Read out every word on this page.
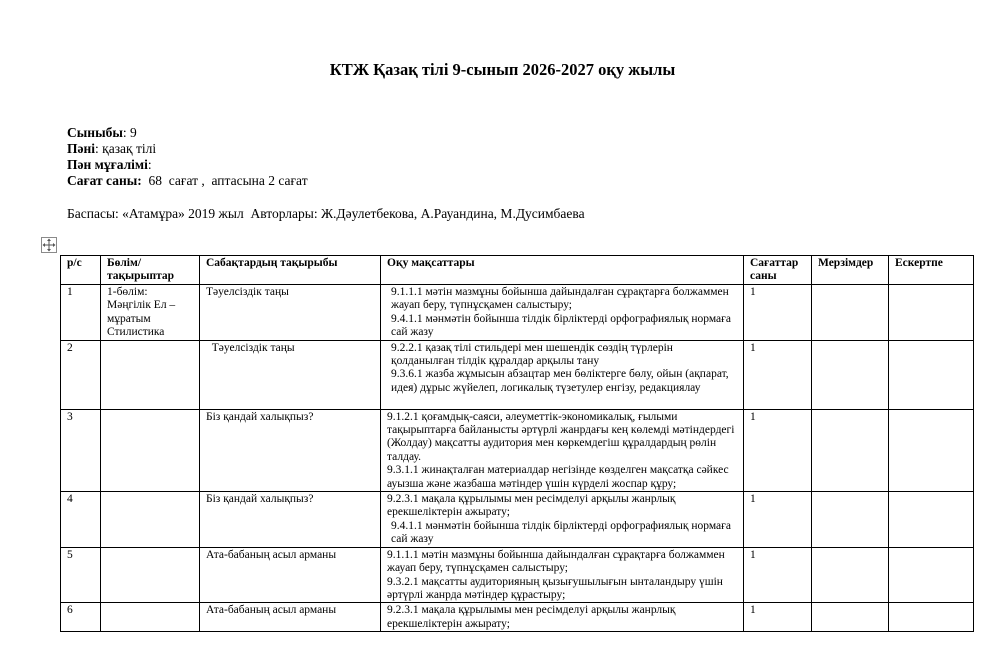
КТЖ Қазақ тілі 9-сынып 2026-2027 оқу жылы
Сыныбы: 9
Пәні: қазақ тілі
Пән мұғалімі:
Сағат саны:  68  сағат ,  аптасына 2 сағат
Баспасы: «Атамұра» 2019 жыл  Авторлары: Ж.Дәулетбекова, А.Рауандина, М.Дусимбаева
р/с	Бөлім/ тақырыптар	Сабақтардың тақырыбы	Оқу мақсаттары	Сағаттар саны	Мерзімдер	Ескертпе
1	1-бөлім: Мәңгілік Ел – мұратым Стилистика	Тәуелсіздік таңы	9.1.1.1 мәтін мазмұны бойынша дайындалған сұрақтарға болжаммен жауап беру, түпнұсқамен салыстыру;
9.4.1.1 мәнмәтін бойынша тілдік бірліктерді орфографиялық нормаға сай жазу	1		
2		Тәуелсіздік таңы	9.2.2.1 қазақ тілі стильдері мен шешендік сөздің түрлерін қолданылған тілдік құралдар арқылы тану
9.3.6.1 жазба жұмысын абзацтар мен бөліктерге бөлу, ойын (ақпарат, идея) дұрыс жүйелеп, логикалық түзетулер енгізу, редакциялау	1		
3		Біз қандай халықпыз?	9.1.2.1 қоғамдық-саяси, әлеуметтік-экономикалық, ғылыми тақырыптарға байланысты әртүрлі жанрдағы кең көлемді мәтіндердегі (Жолдау) мақсатты аудитория мен көркемдегіш құралдардың рөлін талдау.
9.3.1.1 жинақталған материалдар негізінде көзделген мақсатқа сәйкес ауызша және жазбаша мәтіндер үшін күрделі жоспар құру;	1		
4		Біз қандай халықпыз?	9.2.3.1 мақала құрылымы мен ресімделуі арқылы жанрлық ерекшеліктерін ажырату;
9.4.1.1 мәнмәтін бойынша тілдік бірліктерді орфографиялық нормаға сай жазу	1		
5		Ата-бабаның асыл арманы	9.1.1.1 мәтін мазмұны бойынша дайындалған сұрақтарға болжаммен жауап беру, түпнұсқамен салыстыру;
9.3.2.1 мақсатты аудиторияның қызығушылығын ынталандыру үшін әртүрлі жанрда мәтіндер құрастыру;	1		
6		Ата-бабаның асыл арманы	9.2.3.1 мақала құрылымы мен ресімделуі арқылы жанрлық ерекшеліктерін ажырату;	1		
